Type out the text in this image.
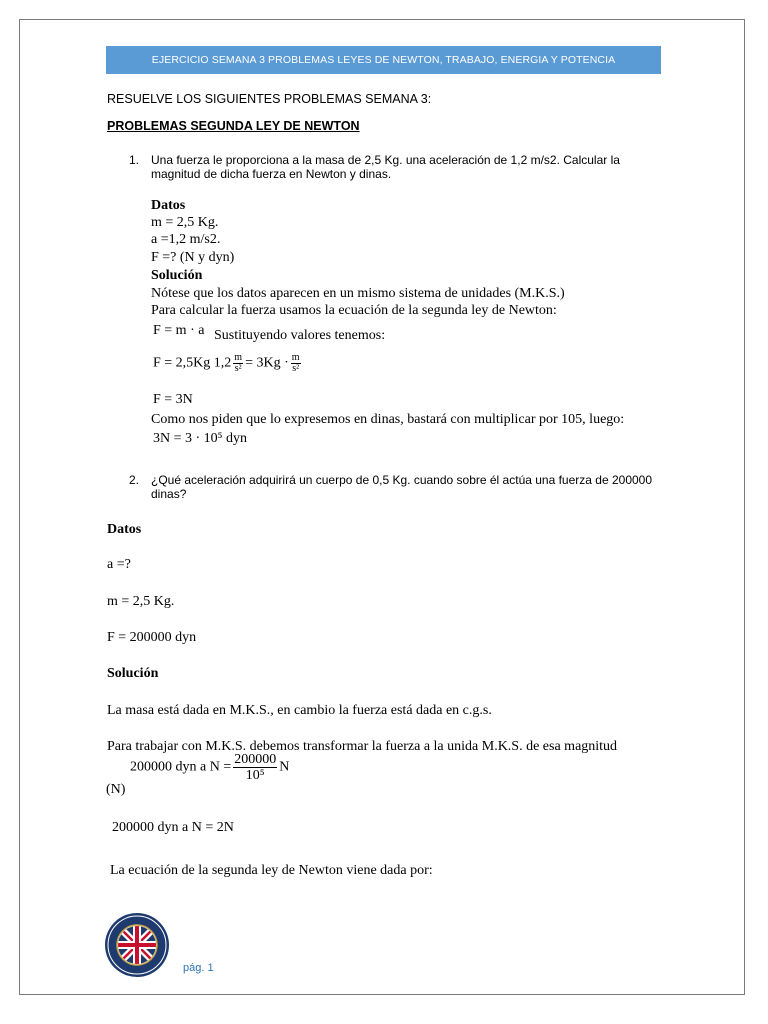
EJERCICIO SEMANA 3 PROBLEMAS LEYES DE NEWTON, TRABAJO, ENERGIA Y POTENCIA
RESUELVE LOS SIGUIENTES PROBLEMAS SEMANA 3:
PROBLEMAS SEGUNDA LEY DE NEWTON
1. Una fuerza le proporciona a la masa de 2,5 Kg. una aceleración de 1,2 m/s2. Calcular la magnitud de dicha fuerza en Newton y dinas.
Datos
m = 2,5 Kg.
a =1,2 m/s2.
F =? (N y dyn)
Solución
Nótese que los datos aparecen en un mismo sistema de unidades (M.K.S.)
Para calcular la fuerza usamos la ecuación de la segunda ley de Newton:
F = m · a Sustituyendo valores tenemos:
F = 2,5Kg $1,2 \frac{m}{\text{s²}} = 3Kg \cdot \frac{m}{\text{s²}}$
F = 3N
Como nos piden que lo expresemos en dinas, bastará con multiplicar por 105, luego:
3N = 3 · 10⁵ dyn
2. ¿Qué aceleración adquirirá un cuerpo de 0,5 Kg. cuando sobre él actúa una fuerza de 200000 dinas?
Datos
a =?
m = 2,5 Kg.
F = 200000 dyn
Solución
La masa está dada en M.K.S., en cambio la fuerza está dada en c.g.s.
Para trabajar con M.K.S. debemos transformar la fuerza a la unida M.K.S. de esa magnitud
200000 dyn a $N = \frac{200000}{\text{10⁵}}$ N
(N)
200000 dyn a N = 2N
La ecuación de la segunda ley de Newton viene dada por:
pág. 1
